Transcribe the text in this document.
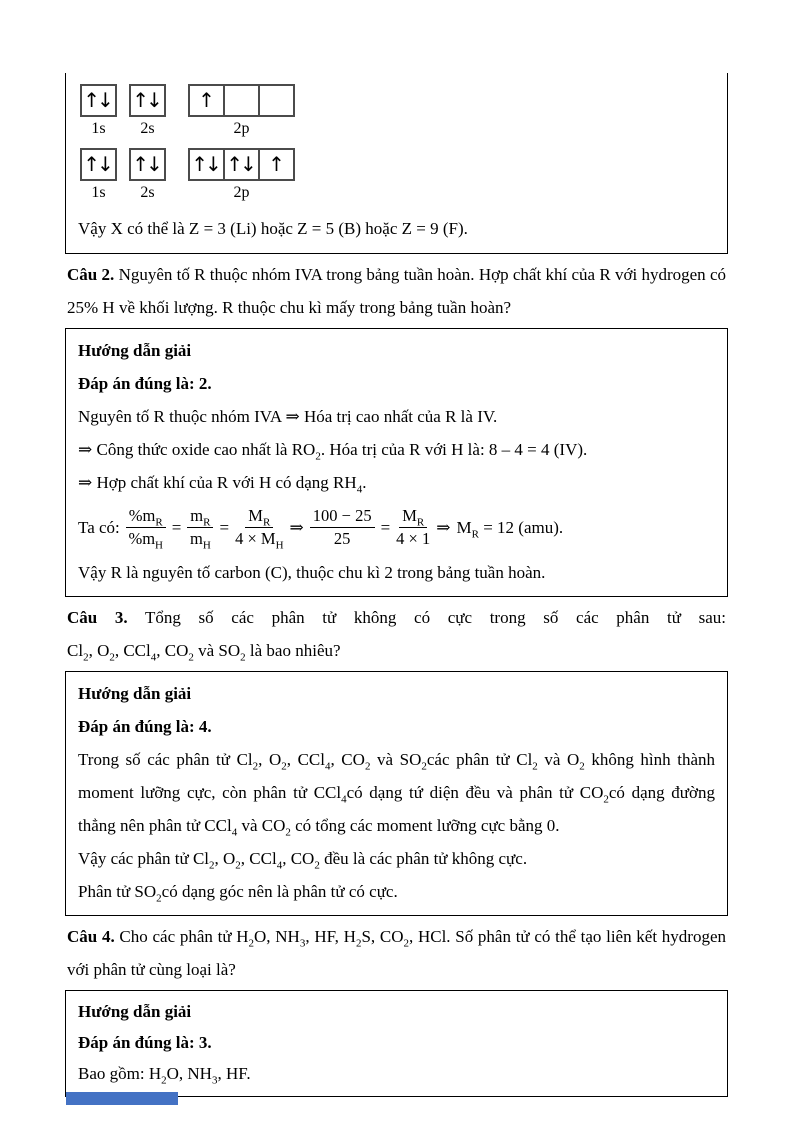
↑↓
1s
↑↓
2s
↑
2p
↑↓
1s
↑↓
2s
↑↓ ↑↓ ↑
2p
Vậy X có thể là Z = 3 (Li) hoặc Z = 5 (B) hoặc Z = 9 (F).

Câu 2. Nguyên tố R thuộc nhóm IVA trong bảng tuần hoàn. Hợp chất khí của R với hydrogen có 25% H về khối lượng. R thuộc chu kì mấy trong bảng tuần hoàn?

Hướng dẫn giải
Đáp án đúng là: 2.
Nguyên tố R thuộc nhóm IVA ⇒ Hóa trị cao nhất của R là IV.
⇒ Công thức oxide cao nhất là $RO_2$. Hóa trị của R với H là: 8 – 4 = 4 (IV).
⇒ Hợp chất khí của R với H có dạng $RH_4$.
Ta có: $\frac{\%m_R}{\%m_H} = \frac{m_R}{m_H} = \frac{M_R}{4 \times M_H}$ ⇒ $\frac{100 - 25}{25} = \frac{M_R}{4 \times 1}$ ⇒ $M_R = 12$ (amu).
Vậy R là nguyên tố carbon (C), thuộc chu kì 2 trong bảng tuần hoàn.
Câu 3. Tổng số các phân tử không có cực trong số các phân tử sau:
$Cl_2$, $O_2$, CCl$_4$, $CO_2$ và $SO_2$ là bao nhiêu?
Hướng dẫn giải
Đáp án đúng là: 4.
Trong số các phân tử $Cl_2$, $O_2$, CCl$_4$, $CO_2$ và $SO_2các$ phân tử $Cl_2$ và $O_2$ không hình thành moment lưỡng cực, còn phân tử CCl$_4$có dạng tứ diện đều và phân tử $CO_2có$ dạng đường thẳng nên phân tử CCl$_4$ và $CO_2$ có tổng các moment lưỡng cực bằng 0.
Vậy các phân tử $Cl_2$, $O_2$, CCl$_4$, $CO_2$ đều là các phân tử không cực.
Phân tử $SO_2có$ dạng góc nên là phân tử có cực.

Câu 4. Cho các phân tử $H_2O$, $NH_3$, HF, $H_2S$, $CO_2$, HCl. Số phân tử có thể tạo liên kết hydrogen với phân tử cùng loại là?

Hướng dẫn giải
Đáp án đúng là: 3.
Bao gồm: $H_2O$, $NH_3$, HF.
